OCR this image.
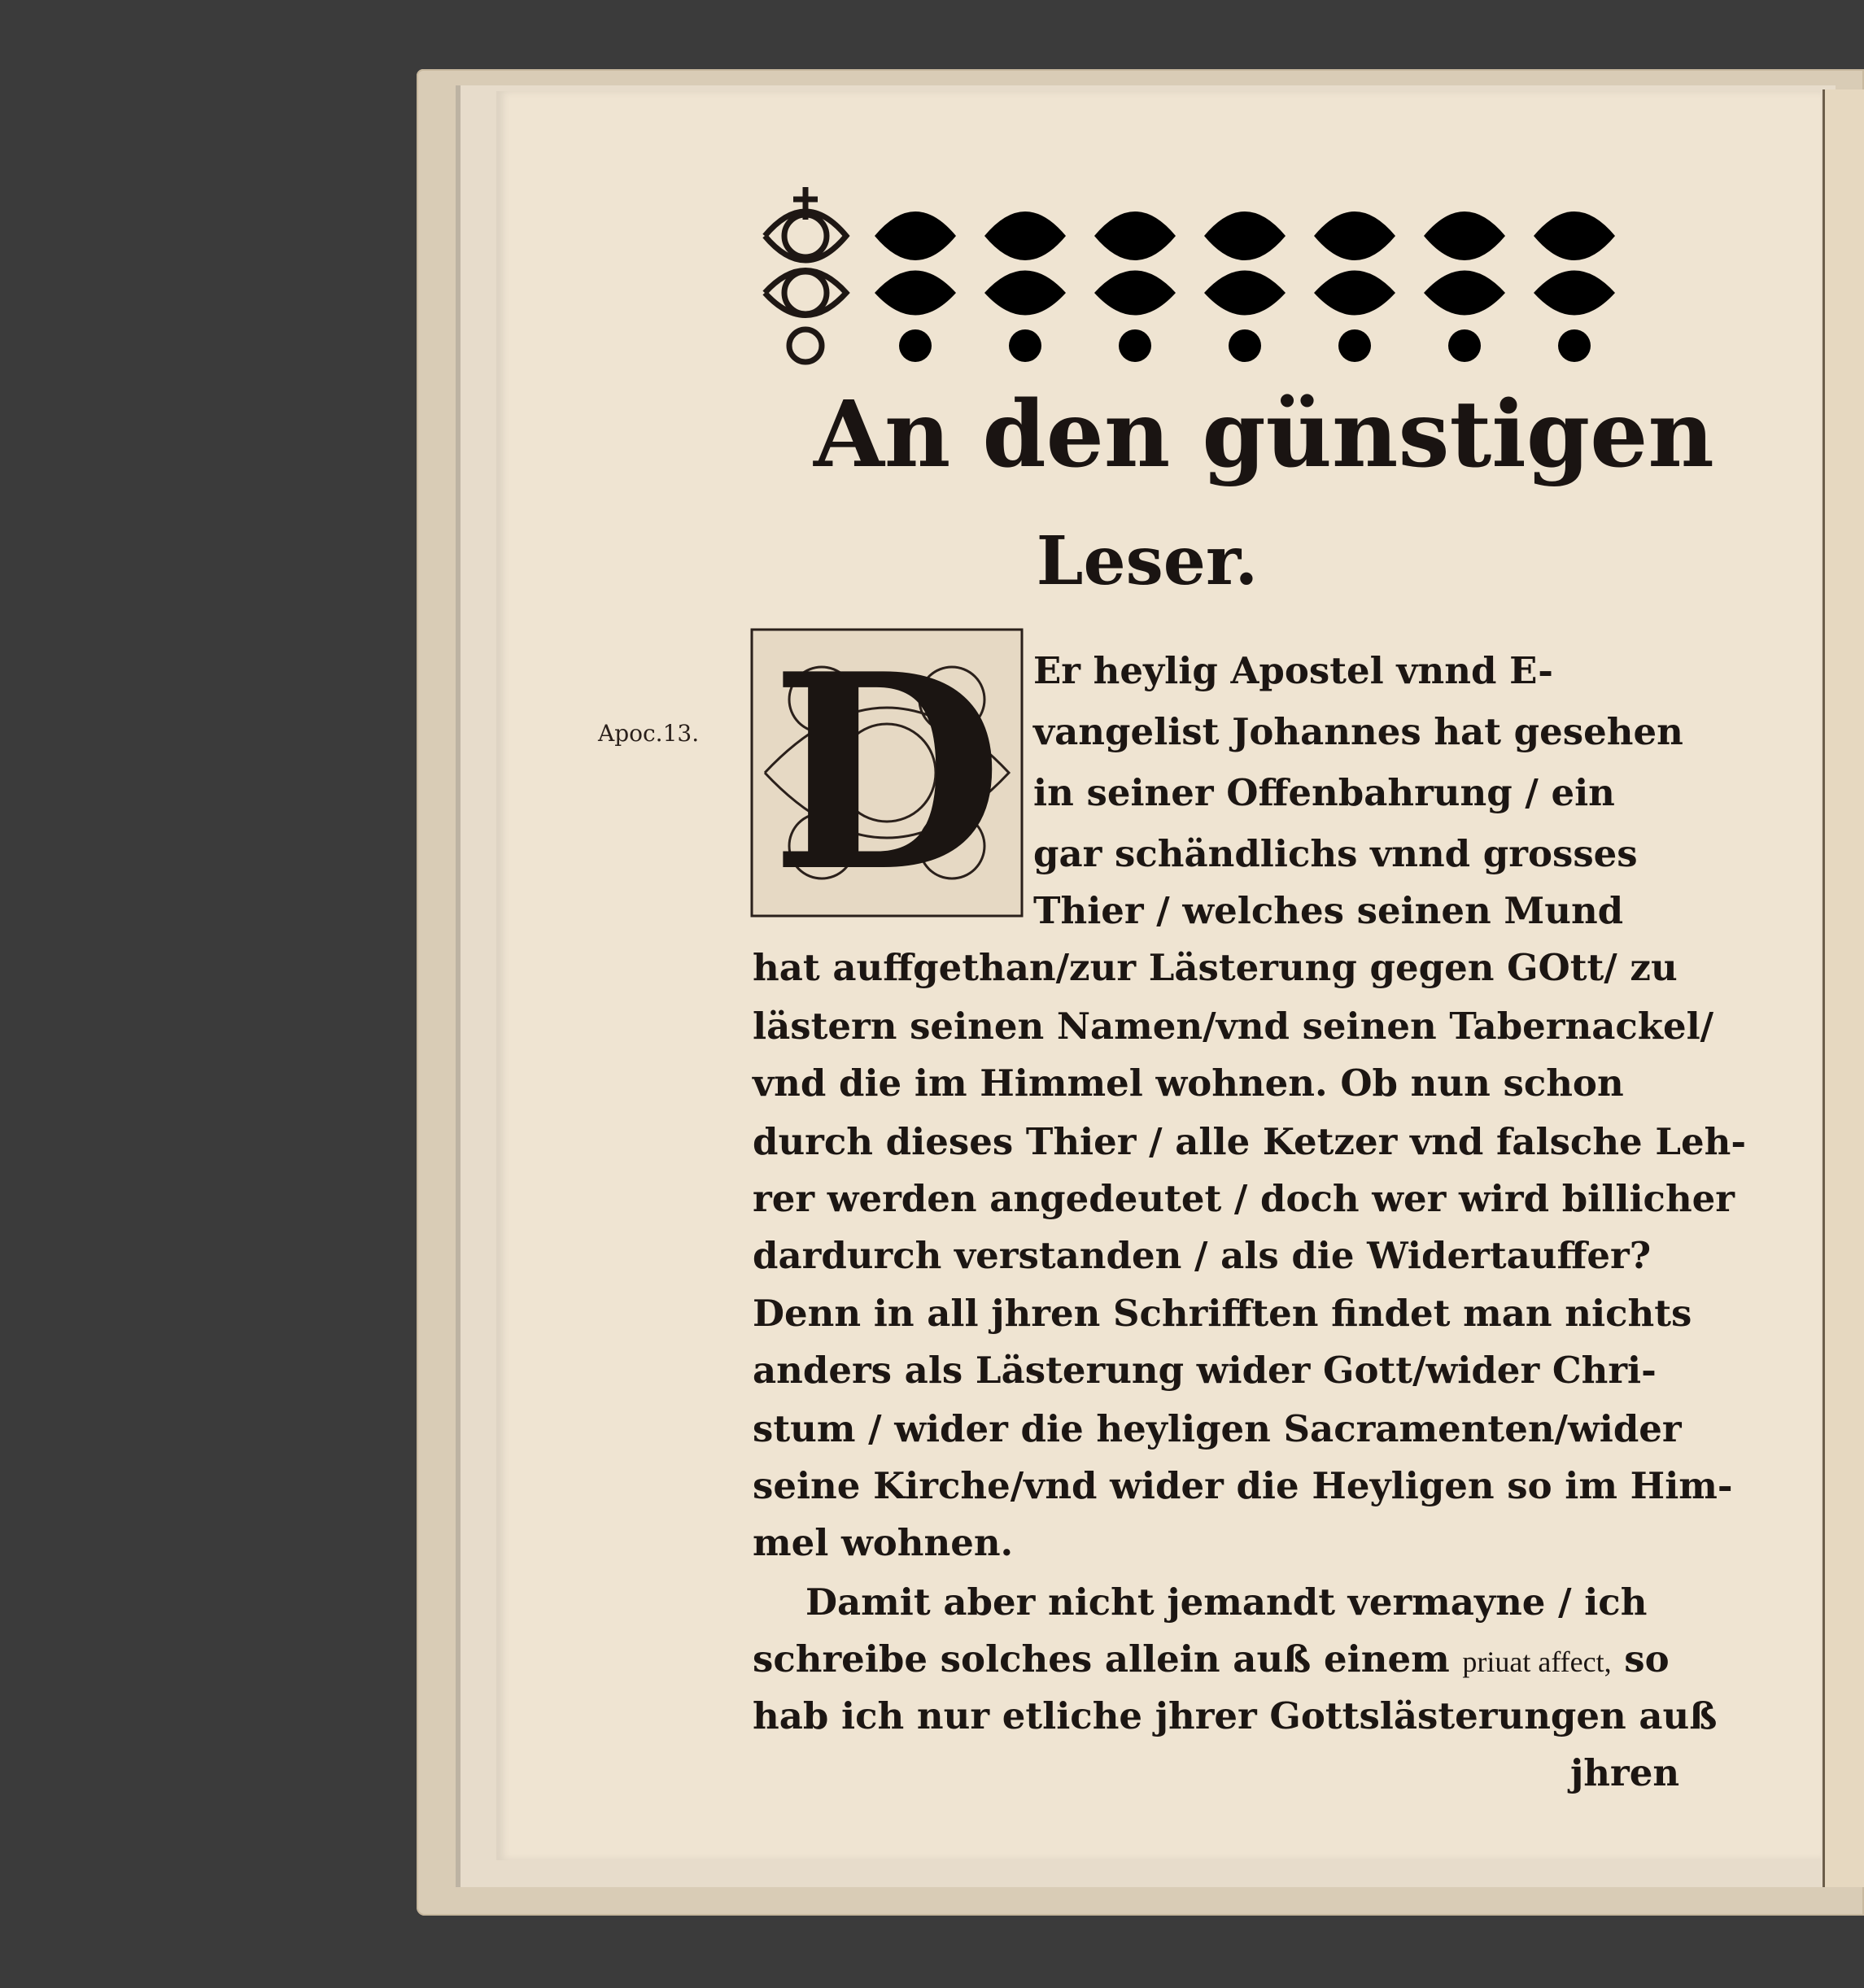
An den günstigen
Leser.
Apoc.13. D Er heylig Apostel vnnd E-
vangelist Johannes hat gesehen
in seiner Offenbahrung / ein
gar schändlichs vnnd grosses
Thier / welches seinen Mund
hat auffgethan/zur Lästerung gegen GOtt/ zu
lästern seinen Namen/vnd seinen Tabernackel/
vnd die im Himmel wohnen. Ob nun schon
durch dieses Thier / alle Ketzer vnd falsche Leh-
rer werden angedeutet / doch wer wird billicher
dardurch verstanden / als die Widertauffer?
Denn in all jhren Schrifften findet man nichts
anders als Lästerung wider Gott/wider Chri-
stum / wider die heyligen Sacramenten/wider
seine Kirche/vnd wider die Heyligen so im Him-
mel wohnen.
Damit aber nicht jemandt vermayne / ich
schreibe solches allein auß einem priuat affect, so
hab ich nur etliche jhrer Gottslästerungen auß
jhren
